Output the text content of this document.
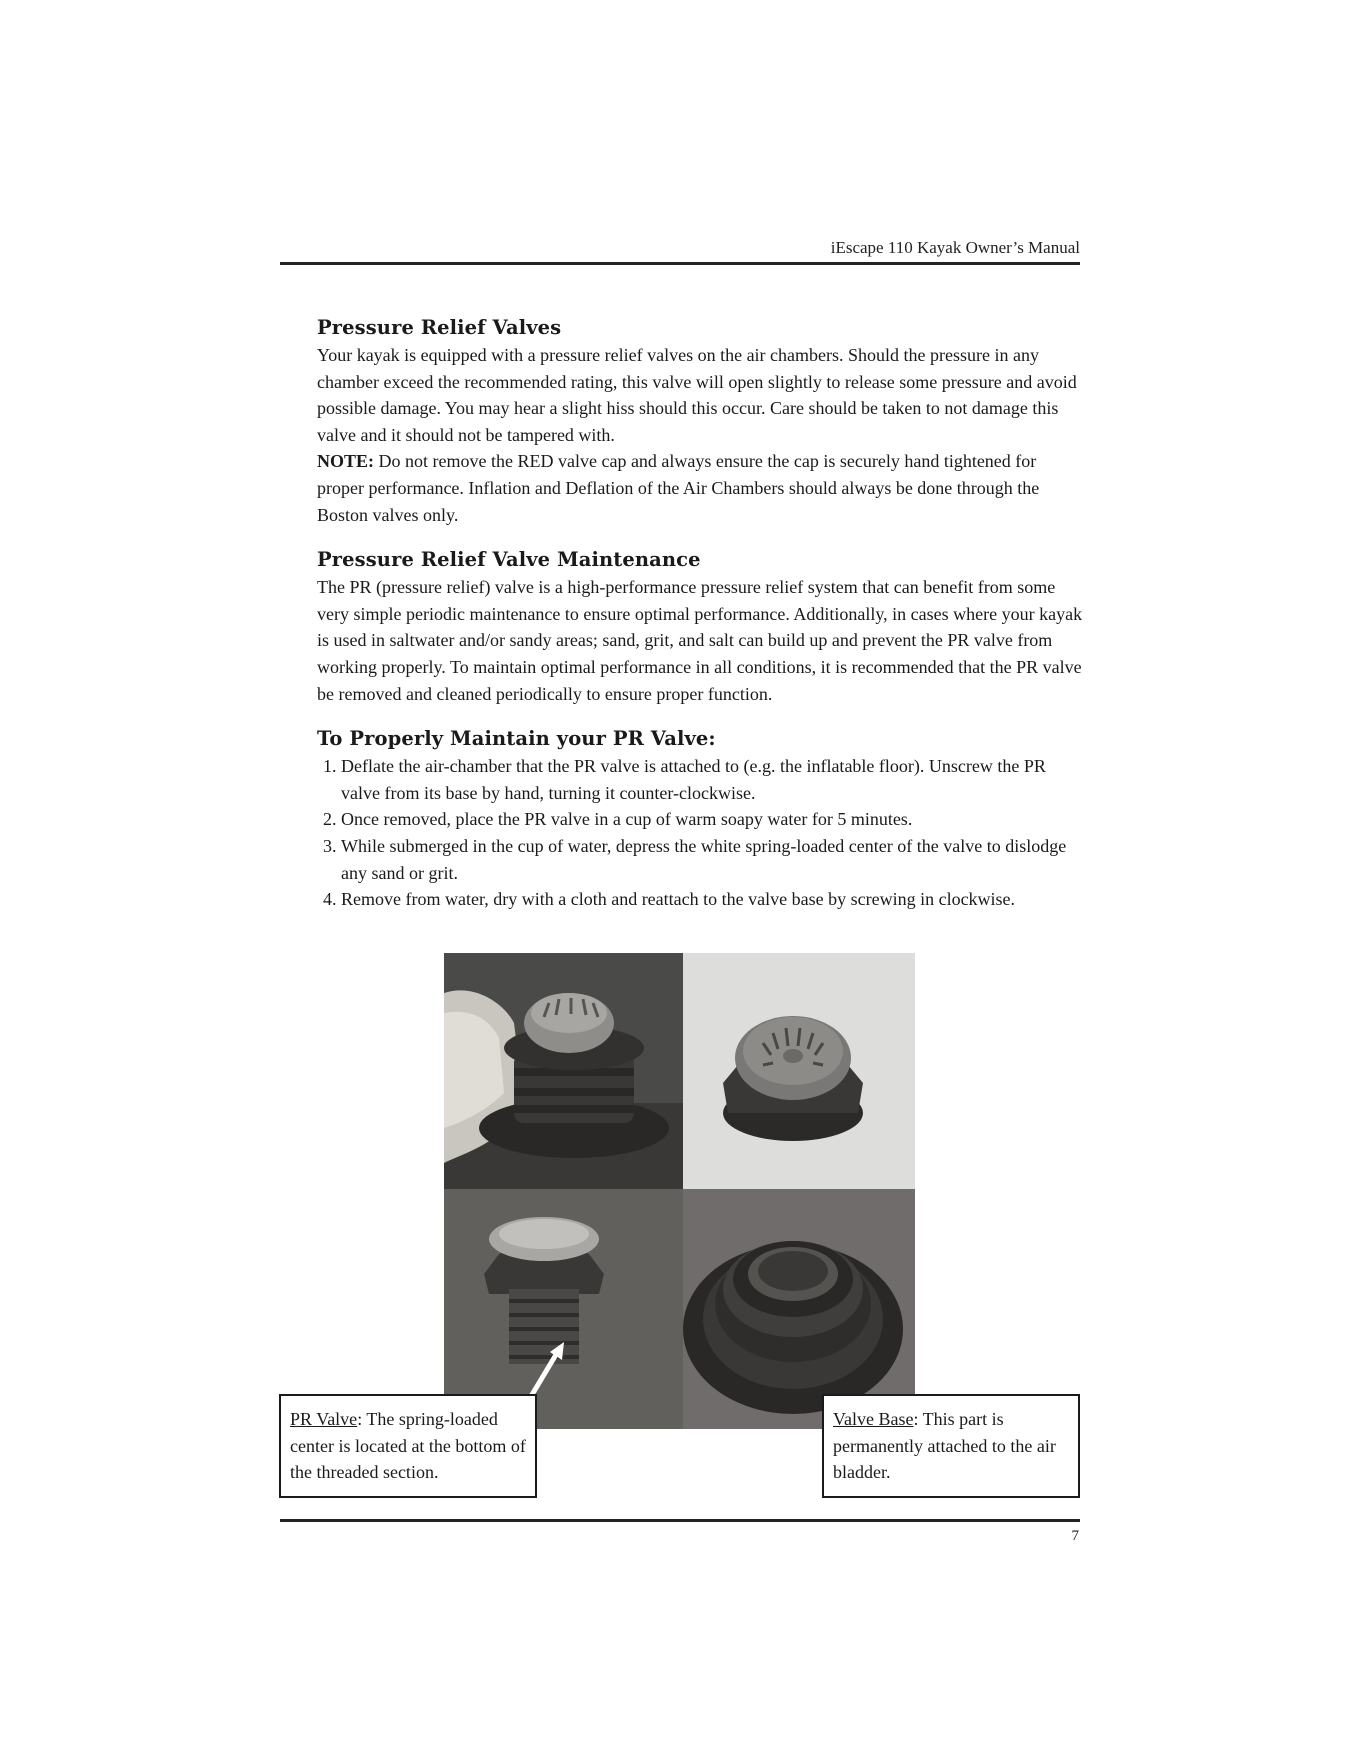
iEscape 110 Kayak Owner’s Manual
Pressure Relief Valves

Your kayak is equipped with a pressure relief valves on the air chambers. Should the pressure in any chamber exceed the recommended rating, this valve will open slightly to release some pressure and avoid possible damage. You may hear a slight hiss should this occur. Care should be taken to not damage this valve and it should not be tampered with.

NOTE: Do not remove the RED valve cap and always ensure the cap is securely hand tightened for proper performance. Inflation and Deflation of the Air Chambers should always be done through the Boston valves only.

Pressure Relief Valve Maintenance

The PR (pressure relief) valve is a high-performance pressure relief system that can benefit from some very simple periodic maintenance to ensure optimal performance. Additionally, in cases where your kayak is used in saltwater and/or sandy areas; sand, grit, and salt can build up and prevent the PR valve from working properly. To maintain optimal performance in all conditions, it is recommended that the PR valve be removed and cleaned periodically to ensure proper function.

To Properly Maintain your PR Valve:
1. Deflate the air-chamber that the PR valve is attached to (e.g. the inflatable floor). Unscrew the PR valve from its base by hand, turning it counter-clockwise.
2. Once removed, place the PR valve in a cup of warm soapy water for 5 minutes.
3. While submerged in the cup of water, depress the white spring-loaded center of the valve to dislodge any sand or grit.
4. Remove from water, dry with a cloth and reattach to the valve base by screwing in clockwise.
PR Valve: The spring-loaded center is located at the bottom of the threaded section.
Valve Base: This part is permanently attached to the air bladder.
7
